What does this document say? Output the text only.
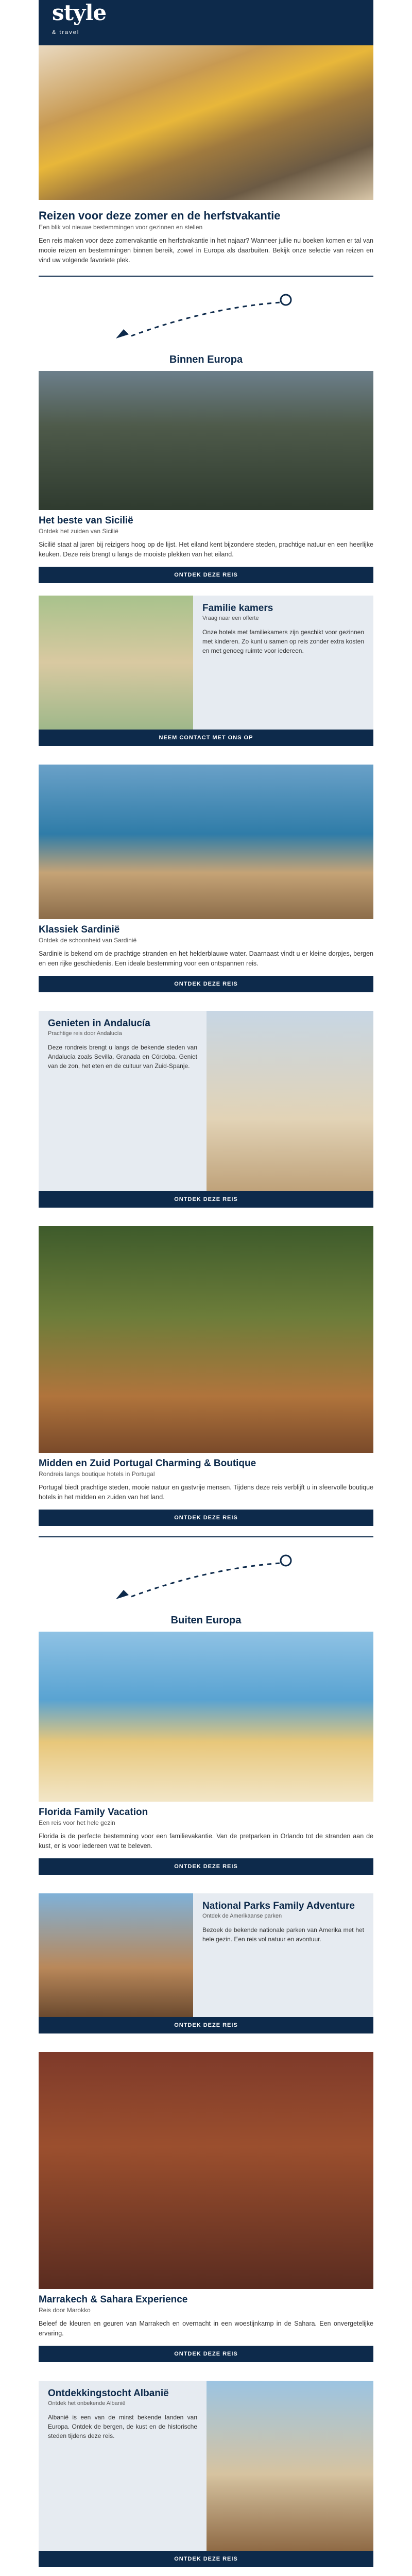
style
& travel
Reizen voor deze zomer en de herfstvakantie
Een blik vol nieuwe bestemmingen voor gezinnen en stellen

Een reis maken voor deze zomervakantie en herfstvakantie in het najaar? Wanneer jullie nu boeken komen er tal van mooie reizen en bestemmingen binnen bereik, zowel in Europa als daarbuiten. Bekijk onze selectie van reizen en vind uw volgende favoriete plek.

Binnen Europa
Het beste van Sicilië
Ontdek het zuiden van Sicilië

Sicilië staat al jaren bij reizigers hoog op de lijst. Het eiland kent bijzondere steden, prachtige natuur en een heerlijke keuken. Deze reis brengt u langs de mooiste plekken van het eiland.

ONTDEK DEZE REIS
Familie kamers
Vraag naar een offerte

Onze hotels met familiekamers zijn geschikt voor gezinnen met kinderen. Zo kunt u samen op reis zonder extra kosten en met genoeg ruimte voor iedereen.

NEEM CONTACT MET ONS OP
Klassiek Sardinië
Ontdek de schoonheid van Sardinië

Sardinië is bekend om de prachtige stranden en het helderblauwe water. Daarnaast vindt u er kleine dorpjes, bergen en een rijke geschiedenis. Een ideale bestemming voor een ontspannen reis.

ONTDEK DEZE REIS
Genieten in Andalucía
Prachtige reis door Andalucía

Deze rondreis brengt u langs de bekende steden van Andalucía zoals Sevilla, Granada en Córdoba. Geniet van de zon, het eten en de cultuur van Zuid-Spanje.

ONTDEK DEZE REIS
Midden en Zuid Portugal Charming & Boutique
Rondreis langs boutique hotels in Portugal

Portugal biedt prachtige steden, mooie natuur en gastvrije mensen. Tijdens deze reis verblijft u in sfeervolle boutique hotels in het midden en zuiden van het land.

ONTDEK DEZE REIS
Buiten Europa
Florida Family Vacation
Een reis voor het hele gezin

Florida is de perfecte bestemming voor een familievakantie. Van de pretparken in Orlando tot de stranden aan de kust, er is voor iedereen wat te beleven.

ONTDEK DEZE REIS
National Parks Family Adventure
Ontdek de Amerikaanse parken

Bezoek de bekende nationale parken van Amerika met het hele gezin. Een reis vol natuur en avontuur.

ONTDEK DEZE REIS
Marrakech & Sahara Experience
Reis door Marokko

Beleef de kleuren en geuren van Marrakech en overnacht in een woestijnkamp in de Sahara. Een onvergetelijke ervaring.

ONTDEK DEZE REIS
Ontdekkingstocht Albanië
Ontdek het onbekende Albanië

Albanië is een van de minst bekende landen van Europa. Ontdek de bergen, de kust en de historische steden tijdens deze reis.

ONTDEK DEZE REIS
